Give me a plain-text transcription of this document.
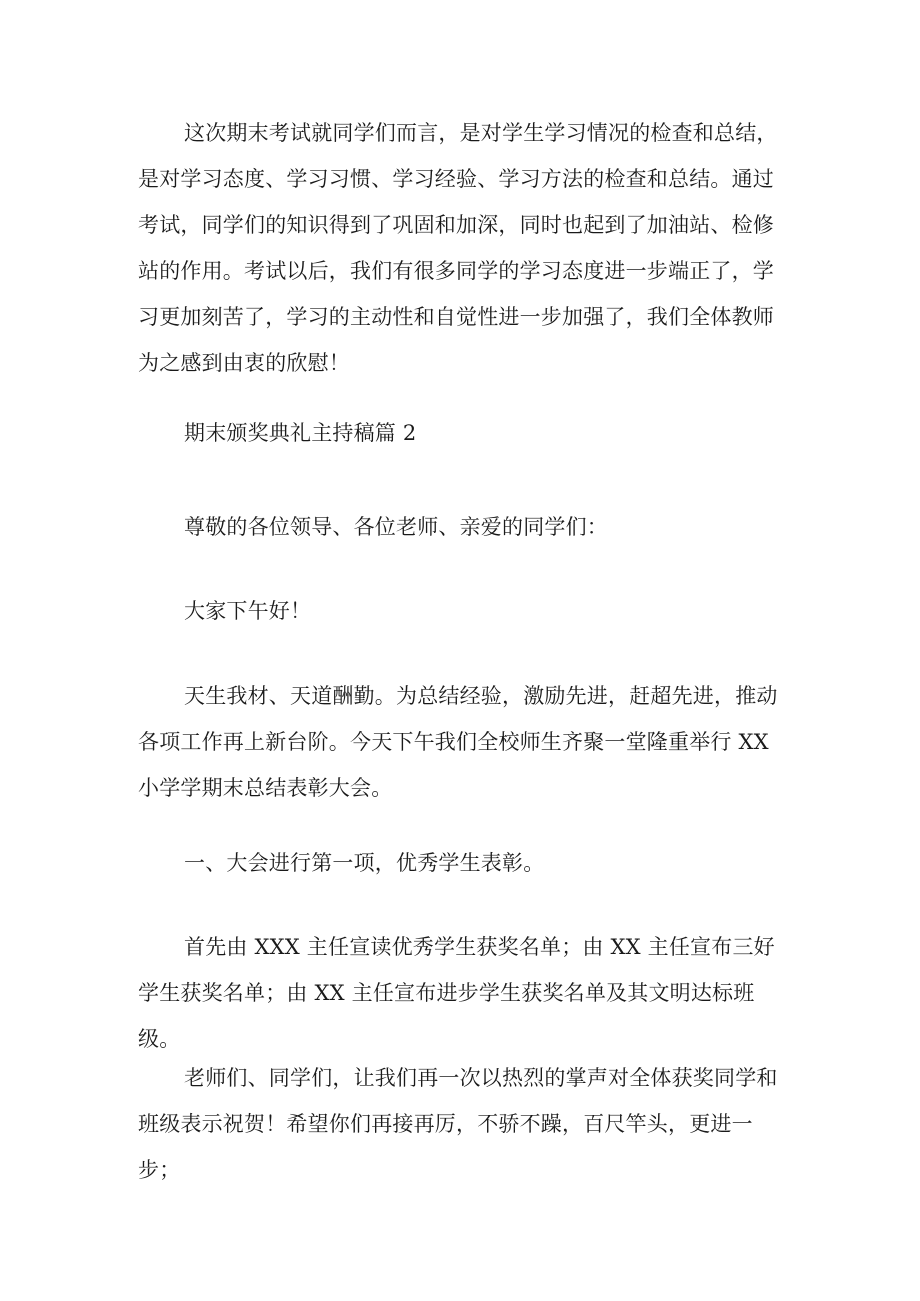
这次期末考试就同学们而言，是对学生学习情况的检查和总结，是对学习态度、学习习惯、学习经验、学习方法的检查和总结。通过考试，同学们的知识得到了巩固和加深，同时也起到了加油站、检修站的作用。考试以后，我们有很多同学的学习态度进一步端正了，学习更加刻苦了，学习的主动性和自觉性进一步加强了，我们全体教师为之感到由衷的欣慰！

期末颁奖典礼主持稿篇 2

尊敬的各位领导、各位老师、亲爱的同学们：

大家下午好！

天生我材、天道酬勤。为总结经验，激励先进，赶超先进，推动各项工作再上新台阶。今天下午我们全校师生齐聚一堂隆重举行 XX 小学学期末总结表彰大会。

一、大会进行第一项，优秀学生表彰。

首先由 XXX 主任宣读优秀学生获奖名单；由 XX 主任宣布三好学生获奖名单；由 XX 主任宣布进步学生获奖名单及其文明达标班级。

老师们、同学们，让我们再一次以热烈的掌声对全体获奖同学和班级表示祝贺！希望你们再接再厉，不骄不躁，百尺竿头，更进一步；
